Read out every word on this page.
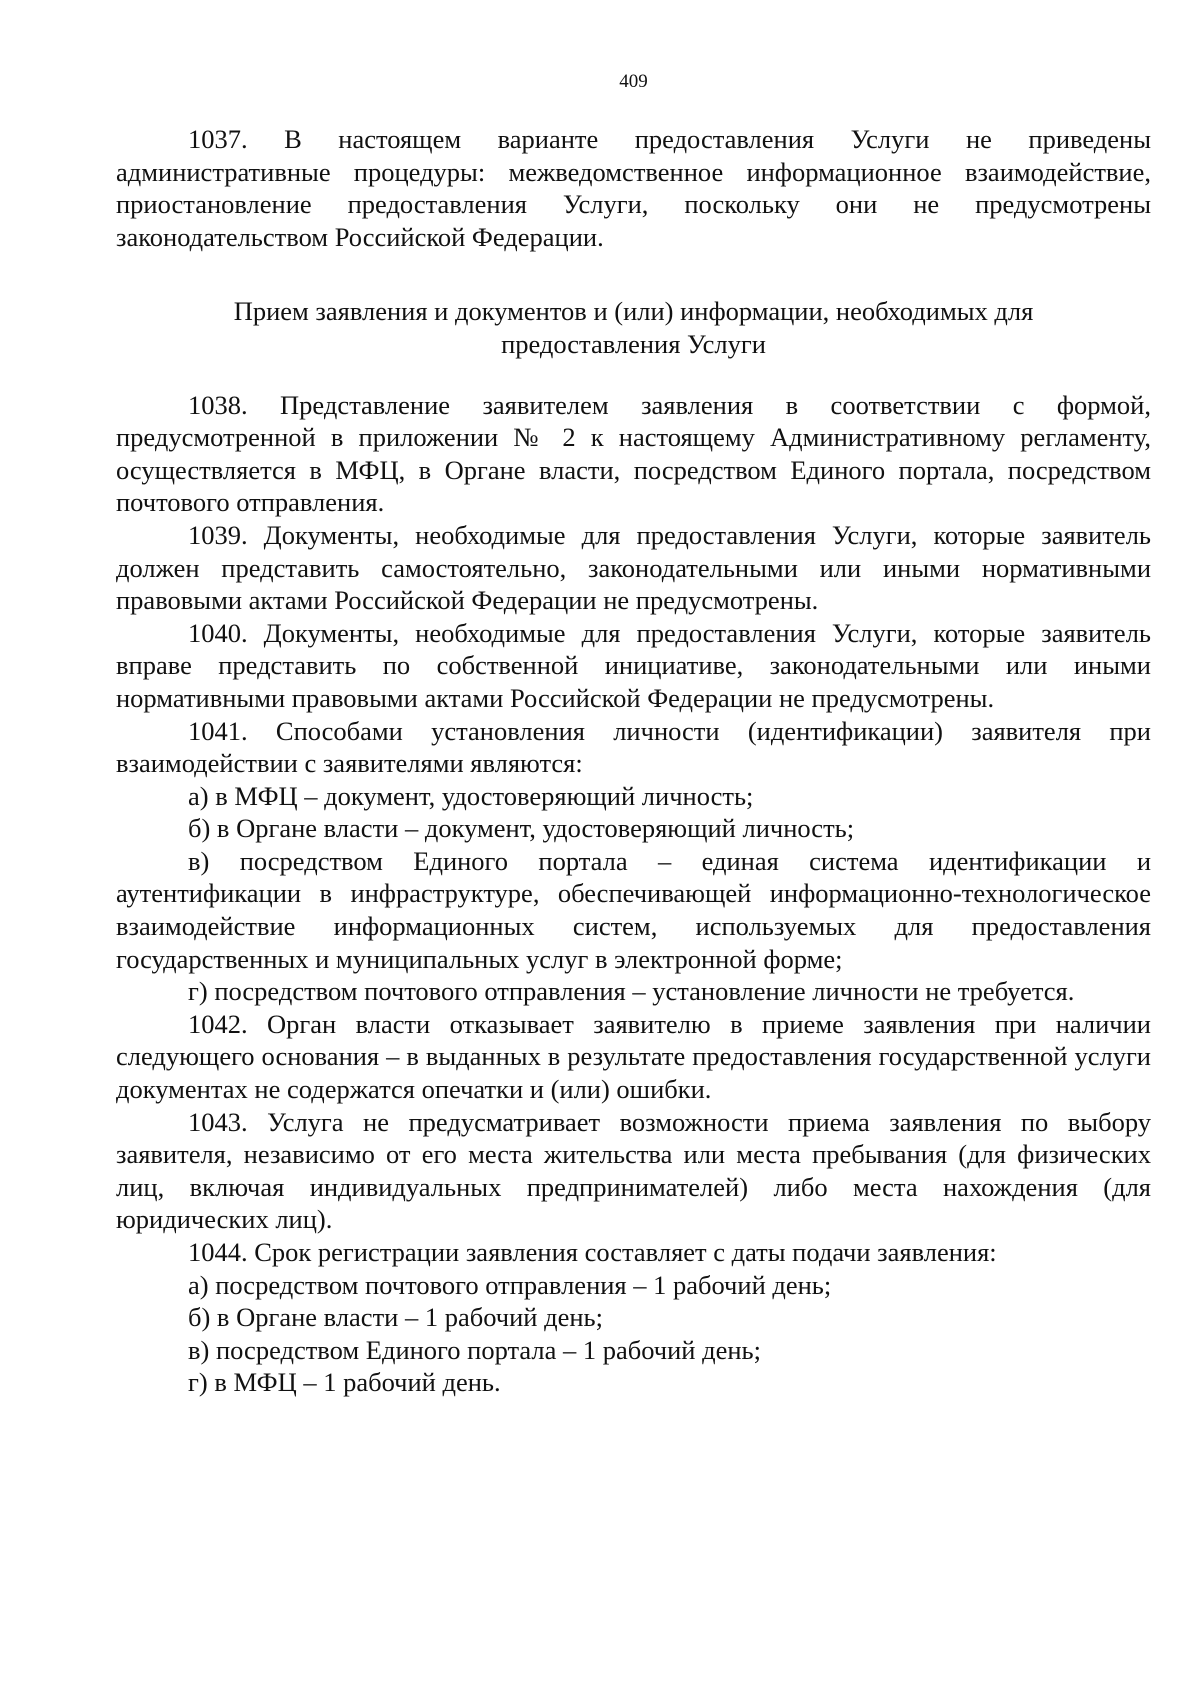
409

1037. В настоящем варианте предоставления Услуги не приведены административные процедуры: межведомственное информационное взаимодействие, приостановление предоставления Услуги, поскольку они не предусмотрены законодательством Российской Федерации.

Прием заявления и документов и (или) информации, необходимых для
предоставления Услуги

1038. Представление заявителем заявления в соответствии с формой, предусмотренной в приложении № 2 к настоящему Административному регламенту, осуществляется в МФЦ, в Органе власти, посредством Единого портала, посредством почтового отправления.

1039. Документы, необходимые для предоставления Услуги, которые заявитель должен представить самостоятельно, законодательными или иными нормативными правовыми актами Российской Федерации не предусмотрены.

1040. Документы, необходимые для предоставления Услуги, которые заявитель вправе представить по собственной инициативе, законодательными или иными нормативными правовыми актами Российской Федерации не предусмотрены.

1041. Способами установления личности (идентификации) заявителя при взаимодействии с заявителями являются:

а) в МФЦ – документ, удостоверяющий личность;

б) в Органе власти – документ, удостоверяющий личность;

в) посредством Единого портала – единая система идентификации и аутентификации в инфраструктуре, обеспечивающей информационно-технологическое взаимодействие информационных систем, используемых для предоставления государственных и муниципальных услуг в электронной форме;

г) посредством почтового отправления – установление личности не требуется.

1042. Орган власти отказывает заявителю в приеме заявления при наличии следующего основания – в выданных в результате предоставления государственной услуги документах не содержатся опечатки и (или) ошибки.

1043. Услуга не предусматривает возможности приема заявления по выбору заявителя, независимо от его места жительства или места пребывания (для физических лиц, включая индивидуальных предпринимателей) либо места нахождения (для юридических лиц).

1044. Срок регистрации заявления составляет с даты подачи заявления:

а) посредством почтового отправления – 1 рабочий день;

б) в Органе власти – 1 рабочий день;

в) посредством Единого портала – 1 рабочий день;

г) в МФЦ – 1 рабочий день.
